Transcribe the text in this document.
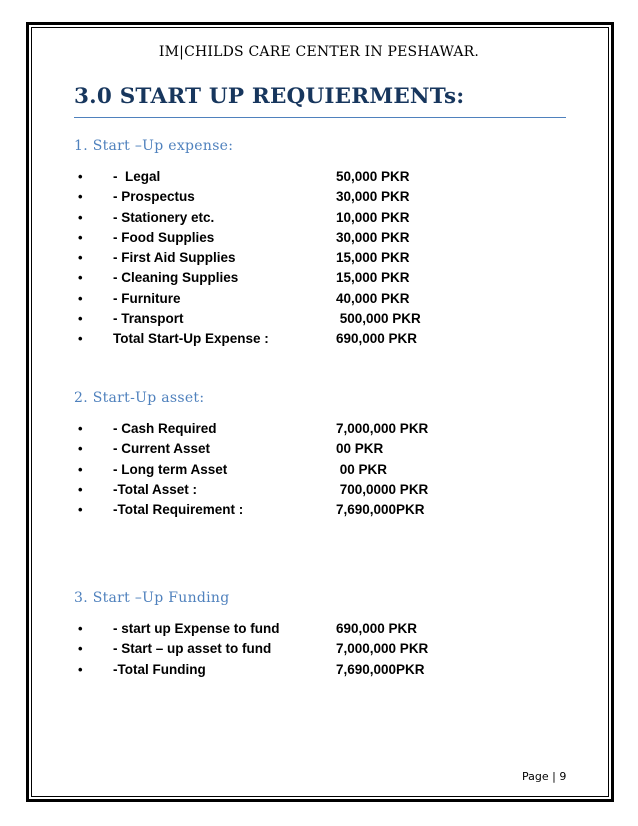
IM|CHILDS CARE CENTER IN PESHAWAR.
3.0 START UP REQUIERMENTs:
1. Start –Up expense:
•	-  Legal	50,000 PKR
•	- Prospectus	30,000 PKR
•	- Stationery etc.	10,000 PKR
•	- Food Supplies	30,000 PKR
•	- First Aid Supplies	15,000 PKR
•	- Cleaning Supplies	15,000 PKR
•	- Furniture	40,000 PKR
•	- Transport	500,000 PKR
•	Total Start-Up Expense :	690,000 PKR
2. Start-Up asset:
•	- Cash Required	7,000,000 PKR
•	- Current Asset	00 PKR
•	- Long term Asset	00 PKR
•	-Total Asset :	700,0000 PKR
•	-Total Requirement :	7,690,000PKR
3. Start –Up Funding
•	- start up Expense to fund	690,000 PKR
•	- Start – up asset to fund	7,000,000 PKR
•	-Total Funding	7,690,000PKR
Page | 9
